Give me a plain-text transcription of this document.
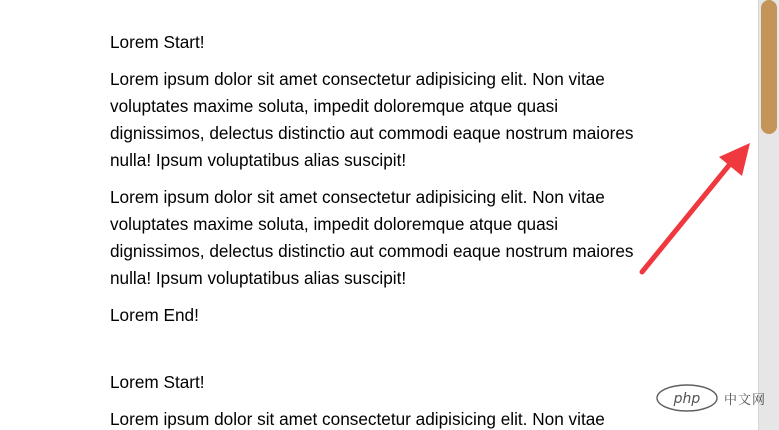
Lorem Start!

Lorem ipsum dolor sit amet consectetur adipisicing elit. Non vitae voluptates maxime soluta, impedit doloremque atque quasi dignissimos, delectus distinctio aut commodi eaque nostrum maiores nulla! Ipsum voluptatibus alias suscipit!

Lorem ipsum dolor sit amet consectetur adipisicing elit. Non vitae voluptates maxime soluta, impedit doloremque atque quasi dignissimos, delectus distinctio aut commodi eaque nostrum maiores nulla! Ipsum voluptatibus alias suscipit!

Lorem End!

Lorem Start!

Lorem ipsum dolor sit amet consectetur adipisicing elit. Non vitae

php 中文网
